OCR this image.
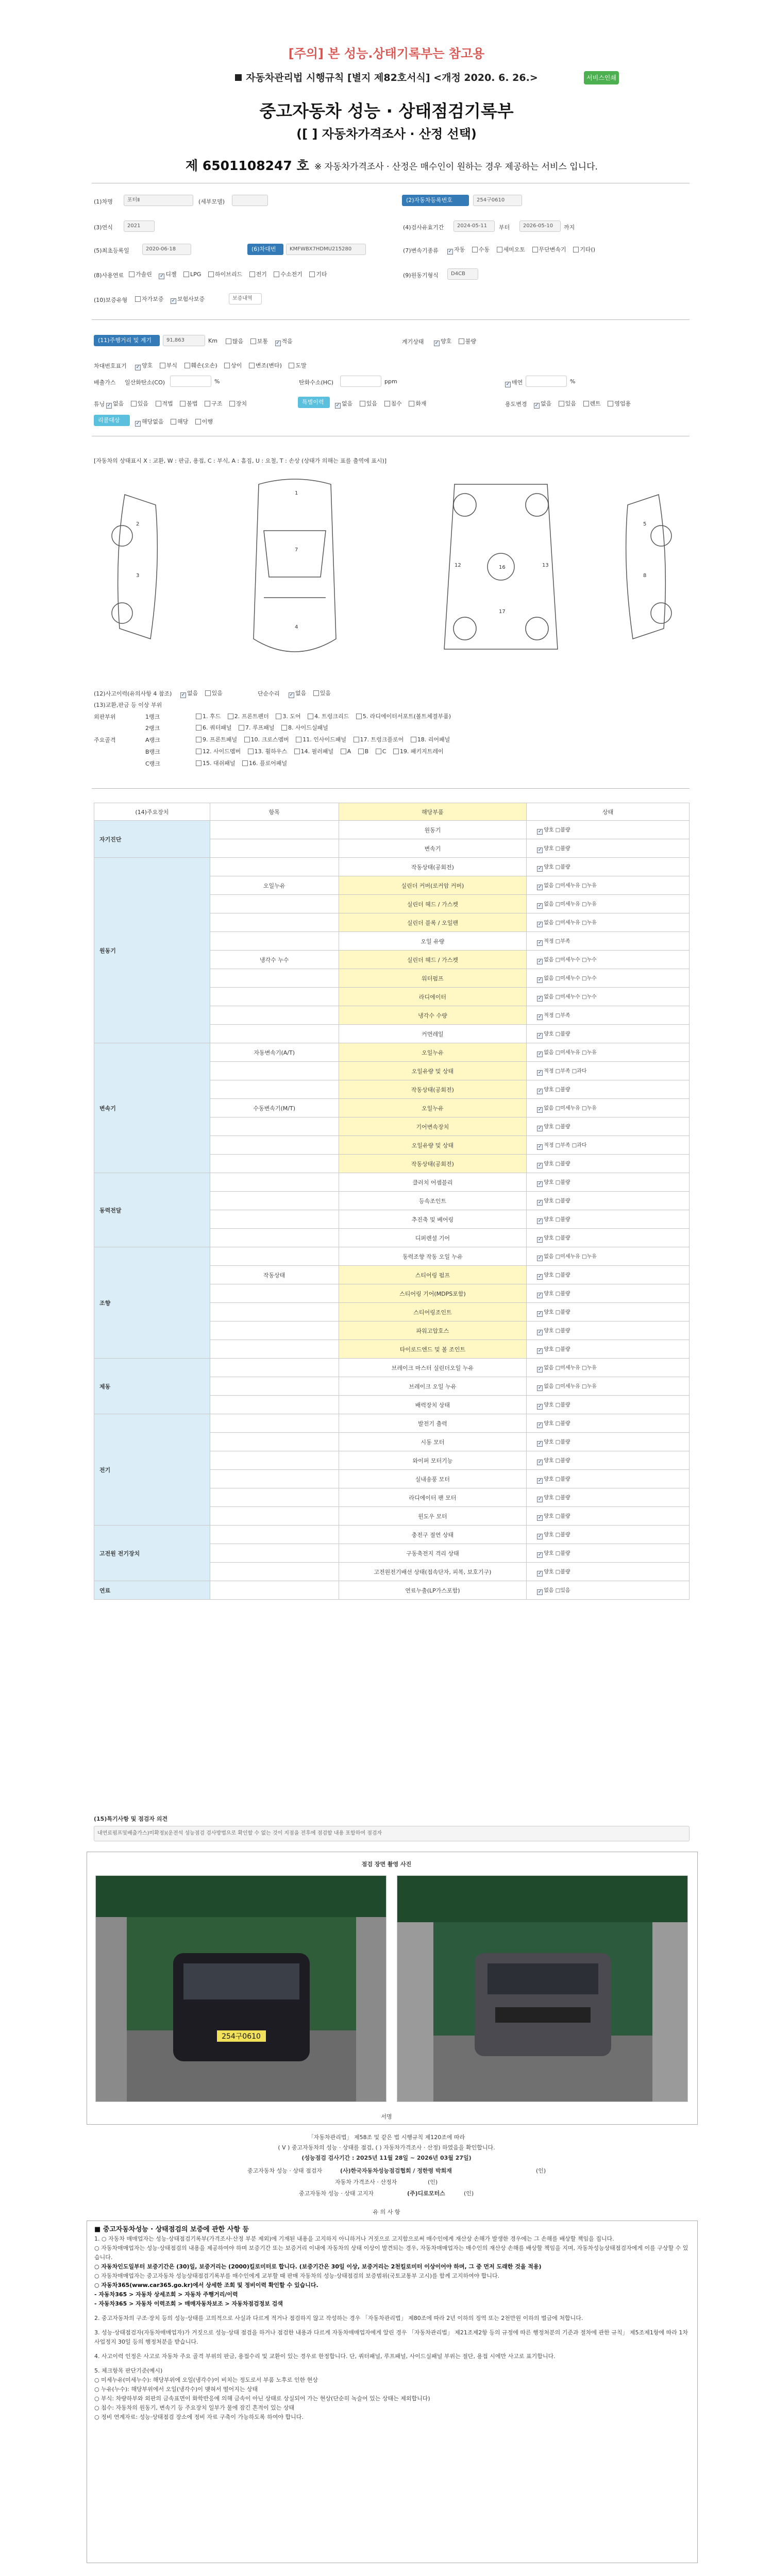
[주의] 본 성능.상태기록부는 참고용
자동차관리법 시행규칙 [별지 제82호서식] <개정 2020. 6. 26.>	서비스인쇄
중고자동차 성능 · 상태점검기록부
([ ] 자동차가격조사 · 산정 선택)
제 6501108247 호 ※ 자동차가격조사 · 산정은 매수인이 원하는 경우 제공하는 서비스 입니다.
(1)차명	포터Ⅱ	(세부모델)	(2)자동차등록번호	254구0610
(3)연식	2021	(4)검사유효기간	2024-05-11	부터	2026-05-10	까지
(5)최초등록일	2020-06-18	(6)차대번호
KMFWBX7HDMU215280	(7)변속기종류 ✓ 자동 수동 세미오토 무단변속기 기타()
(8)사용연료	가솔린 ✓ 디젤 LPG 하이브리드 전기 수소전기 기타	(9)원동기형식	D4CB
(10)보증유형	자가보증 ✓ 보험사보증	보증내역
(11)주행거리 및 계기상태
91,863	Km	많음 보통 ✓ 적음	계기상태 ✓ 양호 불량
차대번호표기 ✓ 양호 부식 훼손(오손) 상이 변조(변타) 도말
배출가스 일산화탄소(CO)	%	탄화수소(HC)	ppm	✓ 매연	%
튜닝 ✓ 없음 있음 적법 불법 구조 장치	특별이력	✓ 없음 있음 침수 화재	용도변경 ✓ 없음 있음 렌트 영업용
리콜대상	✓ 해당없음 해당 이행
[자동차의 상태표시 X : 교환, W : 판금, 용접, C : 부식, A : 흠집, U : 요철, T : 손상 (상태가 의해는 표를 출역에 표시)]
1
7
4
2
3
16
17
12	13
5
8
(12)사고이력(유의사항 4 참조) ✓ 없음 있음	단순수리 ✓ 없음 있음
(13)교환,판금 등 이상 부위
외판부위	1랭크	1. 후드 2. 프론트펜더 3. 도어 4. 트렁크리드 5. 라디에이터서포트(볼트체결부품)
2랭크	6. 쿼터패널 7. 루프패널 8. 사이드실패널
주요골격	A랭크	9. 프론트패널 10. 크로스멤버 11. 인사이드패널 17. 트렁크플로어 18. 리어패널
B랭크	12. 사이드멤버 13. 휠하우스 14. 필러패널 A B C 19. 패키지트레이
C랭크	15. 대쉬패널 16. 플로어패널
(14)주요장치	항목	해당부품	상태
자기진단		원동기	✓ 양호 □불량
		변속기	✓ 양호 □불량
원동기		작동상태(공회전)	✓ 양호 □불량
	오일누유	실린더 커버(로커암 커버)	✓ 없음 □미세누유 □누유
		실린더 헤드 / 가스켓	✓ 없음 □미세누유 □누유
		실린더 블록 / 오일팬	✓ 없음 □미세누유 □누유
		오일 유량	✓ 적정 □부족
	냉각수 누수	실린더 헤드 / 가스켓	✓ 없음 □미세누수 □누수
		워터펌프	✓ 없음 □미세누수 □누수
		라디에이터	✓ 없음 □미세누수 □누수
		냉각수 수량	✓ 적정 □부족
		커먼레일	✓ 양호 □불량
변속기	자동변속기(A/T)	오일누유	✓ 없음 □미세누유 □누유
		오일유량 및 상태	✓ 적정 □부족 □과다
		작동상태(공회전)	✓ 양호 □불량
	수동변속기(M/T)	오일누유	✓ 없음 □미세누유 □누유
		기어변속장치	✓ 양호 □불량
		오일유량 및 상태	✓ 적정 □부족 □과다
		작동상태(공회전)	✓ 양호 □불량
동력전달		클러치 어셈블리	✓ 양호 □불량
		등속조인트	✓ 양호 □불량
		추진축 및 베어링	✓ 양호 □불량
		디퍼렌셜 기어	✓ 양호 □불량
조향		동력조향 작동 오일 누유	✓ 없음 □미세누유 □누유
	작동상태	스티어링 펌프	✓ 양호 □불량
		스티어링 기어(MDPS포함)	✓ 양호 □불량
		스티어링조인트	✓ 양호 □불량
		파워고압호스	✓ 양호 □불량
		타이로드엔드 및 볼 조인트	✓ 양호 □불량
제동		브레이크 마스터 실린더오일 누유	✓ 없음 □미세누유 □누유
		브레이크 오일 누유	✓ 없음 □미세누유 □누유
		배력장치 상태	✓ 양호 □불량
전기		발전기 출력	✓ 양호 □불량
		시동 모터	✓ 양호 □불량
		와이퍼 모터기능	✓ 양호 □불량
		실내송풍 모터	✓ 양호 □불량
		라디에이터 팬 모터	✓ 양호 □불량
		윈도우 모터	✓ 양호 □불량
고전원 전기장치		충전구 절연 상태	✓ 양호 □불량
		구동축전지 격리 상태	✓ 양호 □불량
		고전원전기배선 상태(접속단자, 피복, 보호기구)	✓ 양호 □불량
연료		연료누출(LP가스포함)	✓ 없음 □있음
(15)특기사항 및 점검자 의견
내연료펌프및배출가스)미확정)(운전석 성능점검 검사방법으로 확인할 수 없는 것이 지점을 전후에 점검할 내용 포함하여 점검자
점검 장면 촬영 사진
254구0610
서명
「자동차관리법」 제58조 및 같은 법 시행규칙 제120조에 따라
( V ) 중고자동차의 성능 · 상태를 점검, ( ) 자동차가격조사 · 산정) 하였음을 확인합니다.
(성능점검 검사기간 : 2025년 11월 28일 ~ 2026년 03월 27일)
중고자동차 성능 · 상태 점검자	(사)한국자동차성능점검협회 / 정한령 박희재	(인)
자동차 가격조사 · 산정자	(인)
중고자동차 성능 · 상태 고지자	(주)디로모터스	(인)
유 의 사 항
■ 중고자동차성능 · 상태점검의 보증에 관한 사항 등
1. ○ 자동차 매매업자는 성능·상태점검기록부(가격조사·산정 부분 제외)에 기재된 내용을 고지하지 아니하거나 거짓으로 고지함으로써 매수인에게 재산상 손해가 발생한 경우에는 그 손해를 배상할 책임을 집니다.
○ 자동차매매업자는 성능·상태점검의 내용을 제공하여야 하며 보증기간 또는 보증거리 이내에 자동차의 상태 이상이 발견되는 경우, 자동차매매업자는 매수인의 재산상 손해를 배상할 책임을 지며, 자동차성능상태점검자에게 이를 구상할 수 있습니다.
○ 자동차인도일부터 보증기간은 (30)일, 보증거리는 (2000)킬로미터로 합니다. (보증기간은 30일 이상, 보증거리는 2천킬로미터 이상이어야 하며, 그 중 먼저 도래한 것을 적용)
○ 자동차매매업자는 중고자동차 성능상태점검기록부를 매수인에게 교부할 때 판매 자동차의 성능·상태점검의 보증범위(국토교통부 고시)를 함께 고지하여야 합니다.
○ 자동차365(www.car365.go.kr)에서 상세한 조회 및 정비이력 확인할 수 있습니다.
- 자동차365 > 자동차 상세조회 > 자동차 주행거리/이력
- 자동차365 > 자동차 이력조회 > 매매자동차보조 > 자동차점검정보 검색
2. 중고자동차의 구조·장치 등의 성능·상태를 고의적으로 사실과 다르게 적거나 점검하지 않고 작성하는 경우 「자동차관리법」 제80조에 따라 2년 이하의 징역 또는 2천만원 이하의 벌금에 처합니다.
3. 성능·상태점검자(자동차매매업자)가 거짓으로 성능·상태 점검을 하거나 점검한 내용과 다르게 자동차매매업자에게 알린 경우 「자동차관리법」 제21조제2항 등의 규정에 따른 행정처분의 기준과 절차에 관한 규칙」 제5조제1항에 따라 1차 사업정지 30일 등의 행정처분을 받습니다.
4. 사고이력 인정은 사고로 자동차 주요 골격 부위의 판금, 용접수리 및 교환이 있는 경우로 한정합니다. 단, 쿼터패널, 루프패널, 사이드실패널 부위는 절단, 용접 시에만 사고로 표기합니다.
5. 체크항목 판단기준(예시)
○ 미세누유(미세누수): 해당부위에 오일(냉각수)이 비치는 정도로서 부품 노후로 인한 현상
○ 누유(누수): 해당부위에서 오일(냉각수)이 맺혀서 떨어지는 상태
○ 부식: 차량하부와 외판의 금속표면이 화학반응에 의해 금속이 아닌 상태로 상실되어 가는 현상(단순히 녹슬어 있는 상태는 제외합니다)
○ 침수: 자동차의 원동기, 변속기 등 주요장치 일부가 물에 잠긴 흔적이 있는 상태
○ 정비 연계자료: 성능·상태점검 장소에 정비 자료 구축이 가능하도록 하여야 합니다.
